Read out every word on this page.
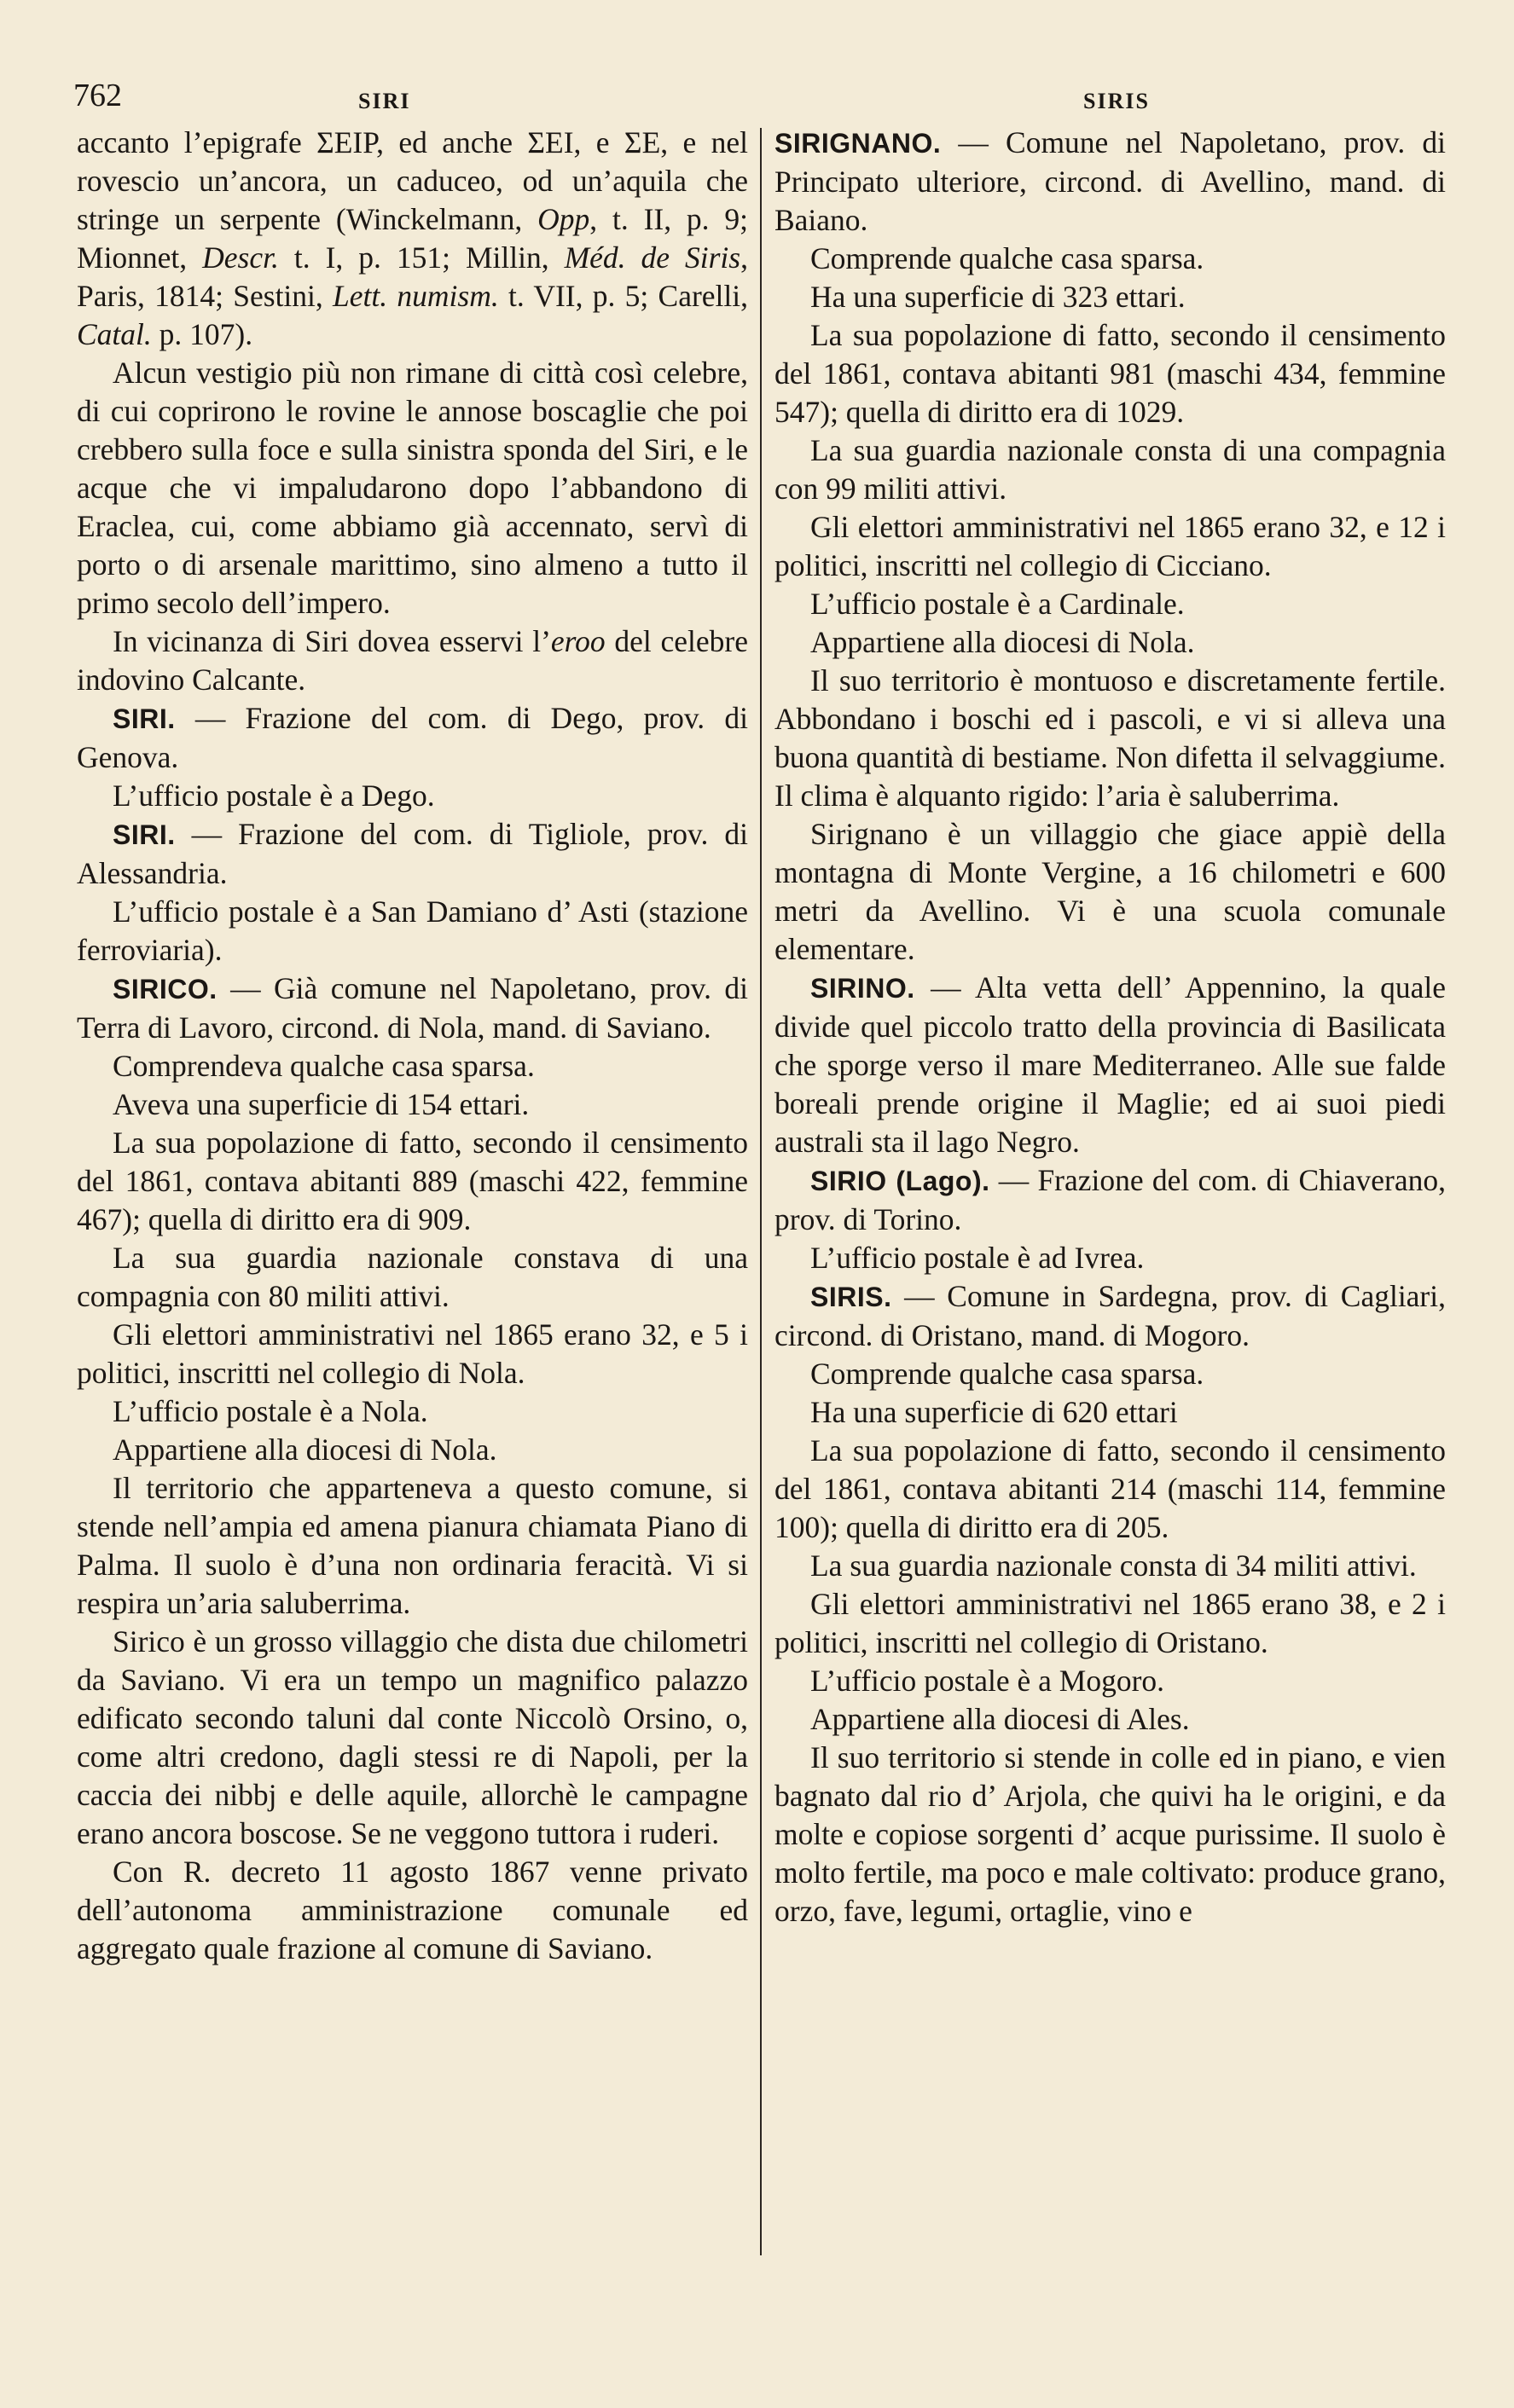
762	SIRI	SIRIS

accanto l’epigrafe ΣΕΙΡ, ed anche ΣΕΙ, e ΣΕ, e nel rovescio un’ancora, un caduceo, od un’aquila che stringe un serpente (Winckelmann, Opp, t. II, p. 9; Mionnet, Descr. t. I, p. 151; Millin, Méd. de Siris, Paris, 1814; Sestini, Lett. numism. t. VII, p. 5; Carelli, Catal. p. 107).

Alcun vestigio più non rimane di città così celebre, di cui coprirono le rovine le annose boscaglie che poi crebbero sulla foce e sulla sinistra sponda del Siri, e le acque che vi impaludarono dopo l’abbandono di Eraclea, cui, come abbiamo già accennato, servì di porto o di arsenale marittimo, sino almeno a tutto il primo secolo dell’impero.

In vicinanza di Siri dovea esservi l’eroo del celebre indovino Calcante.

SIRI. — Frazione del com. di Dego, prov. di Genova.

L’ufficio postale è a Dego.

SIRI. — Frazione del com. di Tigliole, prov. di Alessandria.

L’ufficio postale è a San Damiano d’ Asti (stazione ferroviaria).

SIRICO. — Già comune nel Napoletano, prov. di Terra di Lavoro, circond. di Nola, mand. di Saviano.

Comprendeva qualche casa sparsa.

Aveva una superficie di 154 ettari.

La sua popolazione di fatto, secondo il censimento del 1861, contava abitanti 889 (maschi 422, femmine 467); quella di diritto era di 909.

La sua guardia nazionale constava di una compagnia con 80 militi attivi.

Gli elettori amministrativi nel 1865 erano 32, e 5 i politici, inscritti nel collegio di Nola.

L’ufficio postale è a Nola.

Appartiene alla diocesi di Nola.

Il territorio che apparteneva a questo comune, si stende nell’ampia ed amena pianura chiamata Piano di Palma. Il suolo è d’una non ordinaria feracità. Vi si respira un’aria saluberrima.

Sirico è un grosso villaggio che dista due chilometri da Saviano. Vi era un tempo un magnifico palazzo edificato secondo taluni dal conte Niccolò Orsino, o, come altri credono, dagli stessi re di Napoli, per la caccia dei nibbj e delle aquile, allorchè le campagne erano ancora boscose. Se ne veggono tuttora i ruderi.

Con R. decreto 11 agosto 1867 venne privato dell’autonoma amministrazione comunale ed aggregato quale frazione al comune di Saviano.

SIRIGNANO. — Comune nel Napoletano, prov. di Principato ulteriore, circond. di Avellino, mand. di Baiano.

Comprende qualche casa sparsa.

Ha una superficie di 323 ettari.

La sua popolazione di fatto, secondo il censimento del 1861, contava abitanti 981 (maschi 434, femmine 547); quella di diritto era di 1029.

La sua guardia nazionale consta di una compagnia con 99 militi attivi.

Gli elettori amministrativi nel 1865 erano 32, e 12 i politici, inscritti nel collegio di Cicciano.

L’ufficio postale è a Cardinale.

Appartiene alla diocesi di Nola.

Il suo territorio è montuoso e discretamente fertile. Abbondano i boschi ed i pascoli, e vi si alleva una buona quantità di bestiame. Non difetta il selvaggiume. Il clima è alquanto rigido: l’aria è saluberrima.

Sirignano è un villaggio che giace appiè della montagna di Monte Vergine, a 16 chilometri e 600 metri da Avellino. Vi è una scuola comunale elementare.

SIRINO. — Alta vetta dell’ Appennino, la quale divide quel piccolo tratto della provincia di Basilicata che sporge verso il mare Mediterraneo. Alle sue falde boreali prende origine il Maglie; ed ai suoi piedi australi sta il lago Negro.

SIRIO (Lago). — Frazione del com. di Chiaverano, prov. di Torino.

L’ufficio postale è ad Ivrea.

SIRIS. — Comune in Sardegna, prov. di Cagliari, circond. di Oristano, mand. di Mogoro.

Comprende qualche casa sparsa.

Ha una superficie di 620 ettari

La sua popolazione di fatto, secondo il censimento del 1861, contava abitanti 214 (maschi 114, femmine 100); quella di diritto era di 205.

La sua guardia nazionale consta di 34 militi attivi.

Gli elettori amministrativi nel 1865 erano 38, e 2 i politici, inscritti nel collegio di Oristano.

L’ufficio postale è a Mogoro.

Appartiene alla diocesi di Ales.

Il suo territorio si stende in colle ed in piano, e vien bagnato dal rio d’ Arjola, che quivi ha le origini, e da molte e copiose sorgenti d’ acque purissime. Il suolo è molto fertile, ma poco e male coltivato: produce grano, orzo, fave, legumi, ortaglie, vino e
